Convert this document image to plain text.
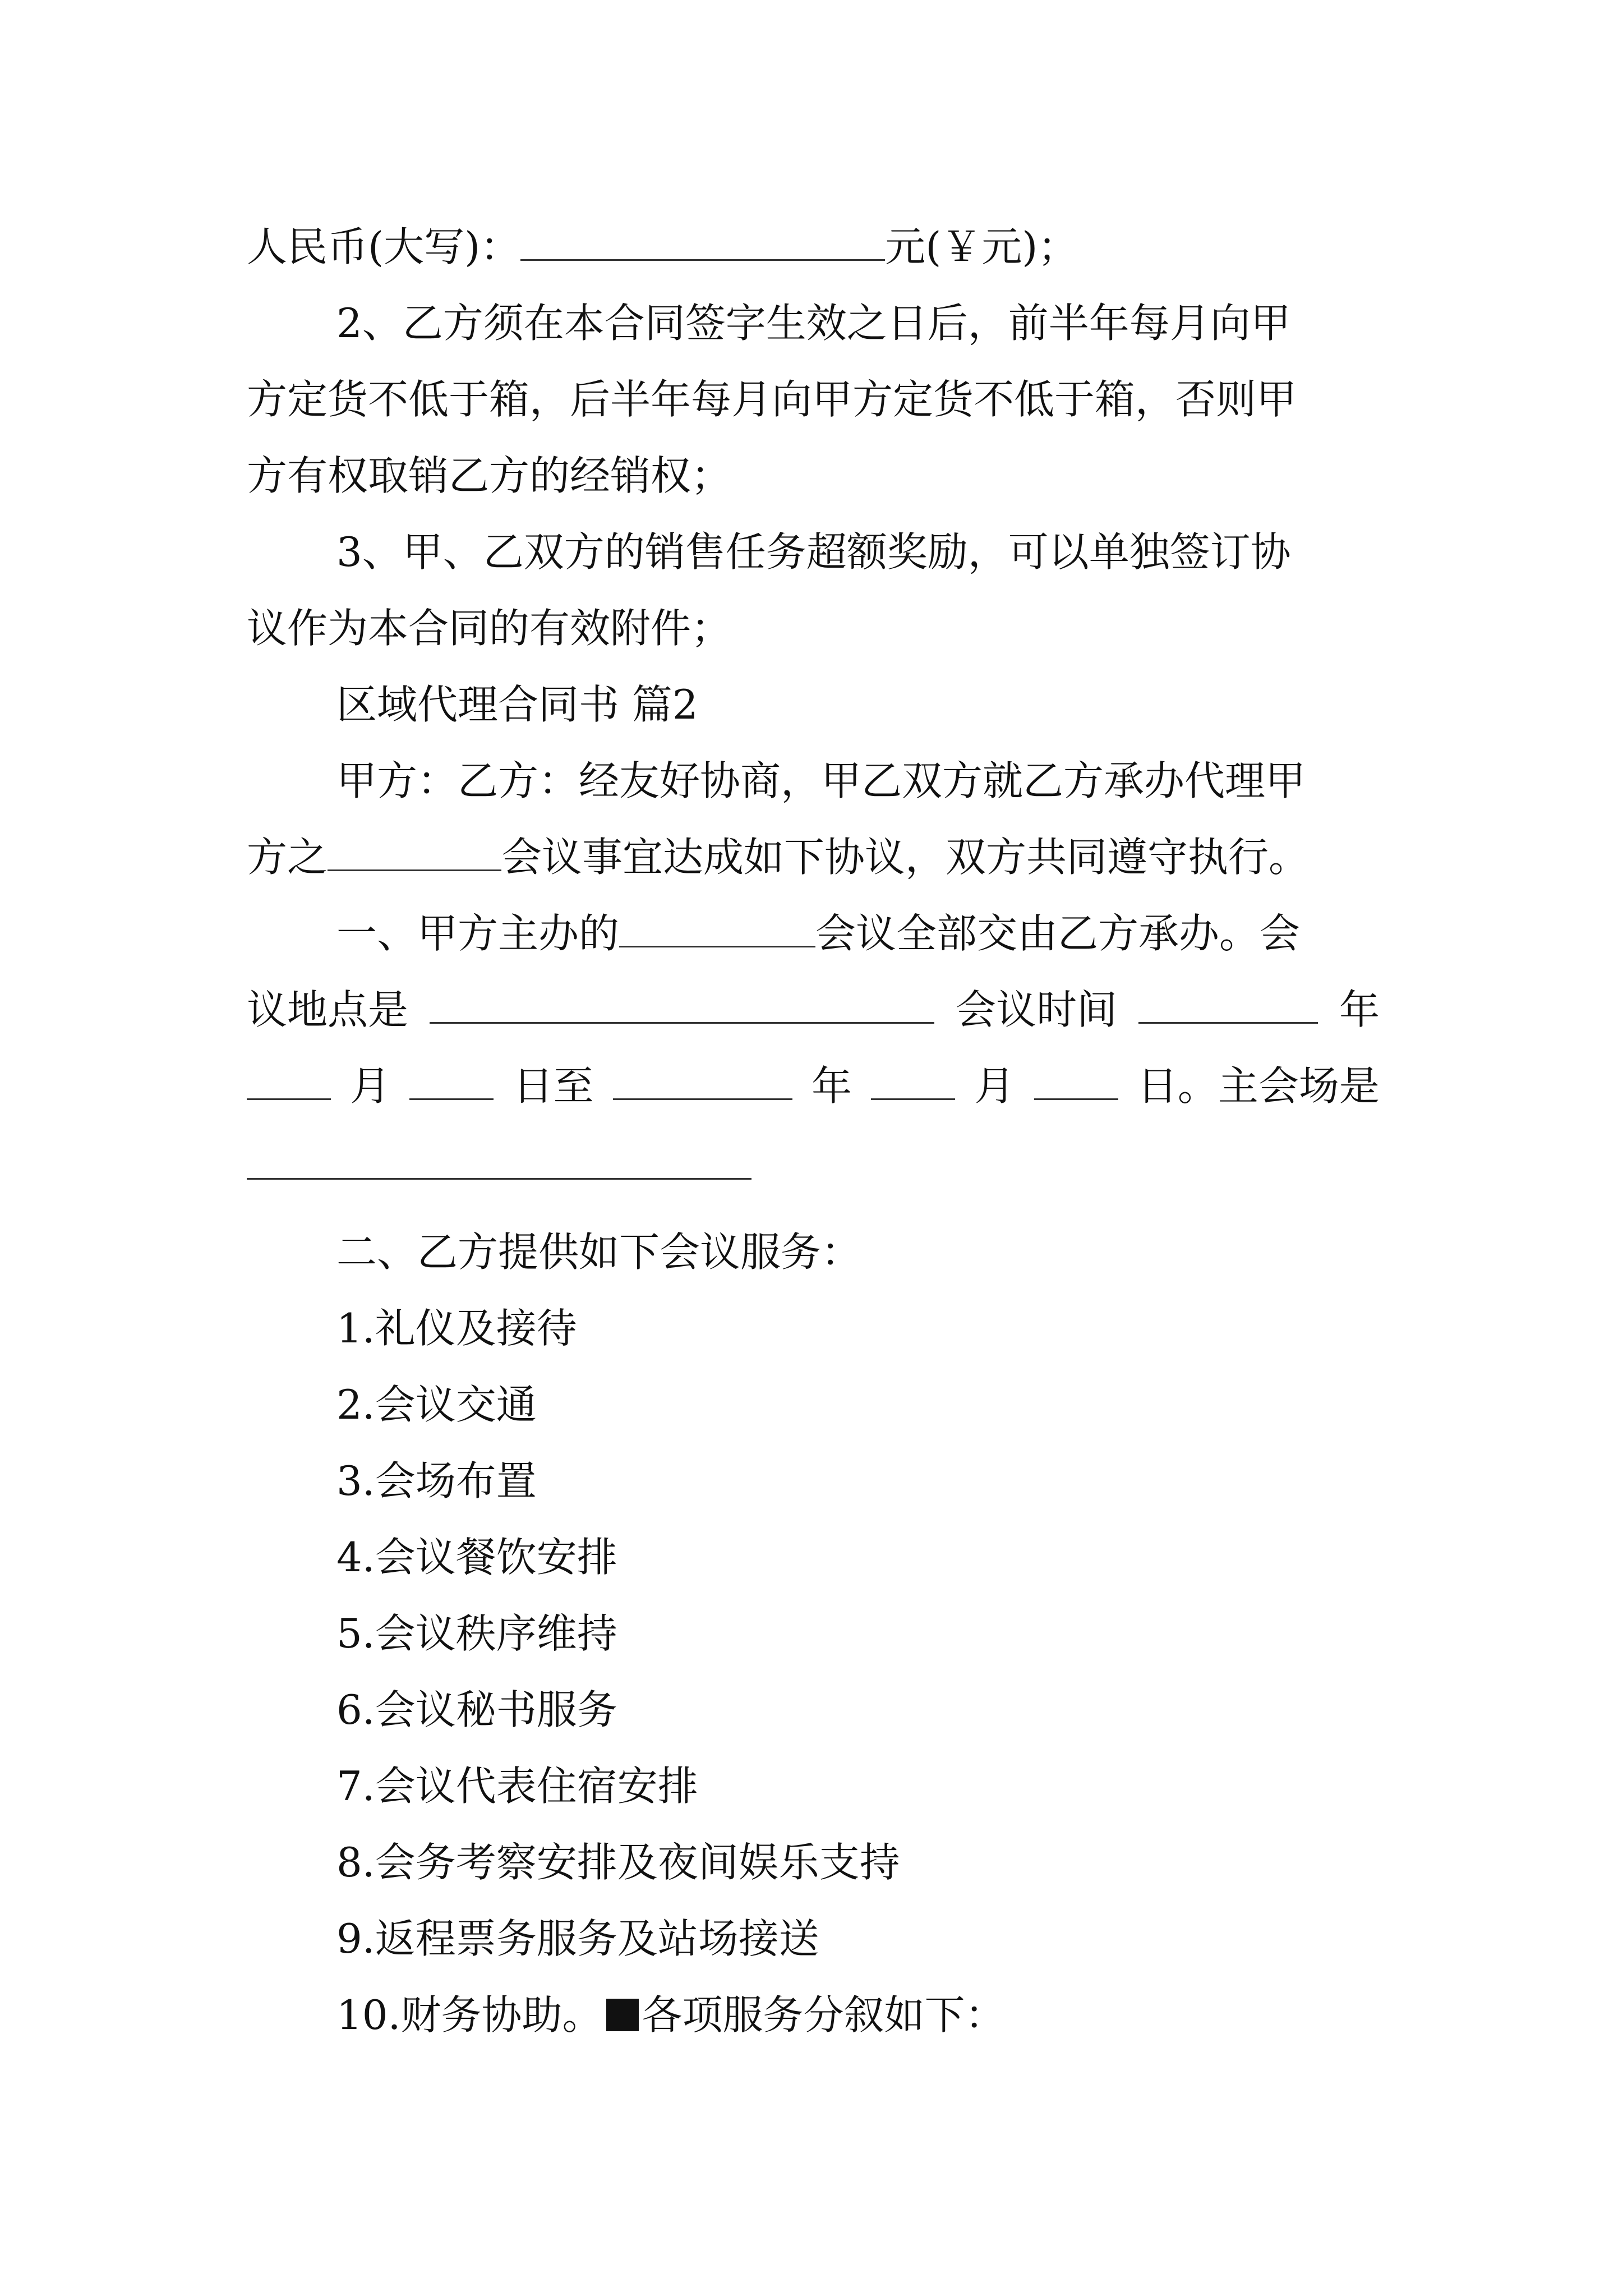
人民币(大写)：	元(￥元)；
2、乙方须在本合同签字生效之日后，前半年每月向甲
方定货不低于箱，后半年每月向甲方定货不低于箱，否则甲
方有权取销乙方的经销权；
3、甲、乙双方的销售任务超额奖励，可以单独签订协
议作为本合同的有效附件；
区域代理合同书 篇2
甲方：乙方：经友好协商，甲乙双方就乙方承办代理甲
方之	会议事宜达成如下协议，双方共同遵守执行。
一、甲方主办的	会议全部交由乙方承办。会
议地点是	会议时间	年
月	日至	年	月	日。主会场是
二、乙方提供如下会议服务：
1.礼仪及接待
2.会议交通
3.会场布置
4.会议餐饮安排
5.会议秩序维持
6.会议秘书服务
7.会议代表住宿安排
8.会务考察安排及夜间娱乐支持
9.返程票务服务及站场接送
10.财务协助。 各项服务分叙如下：
